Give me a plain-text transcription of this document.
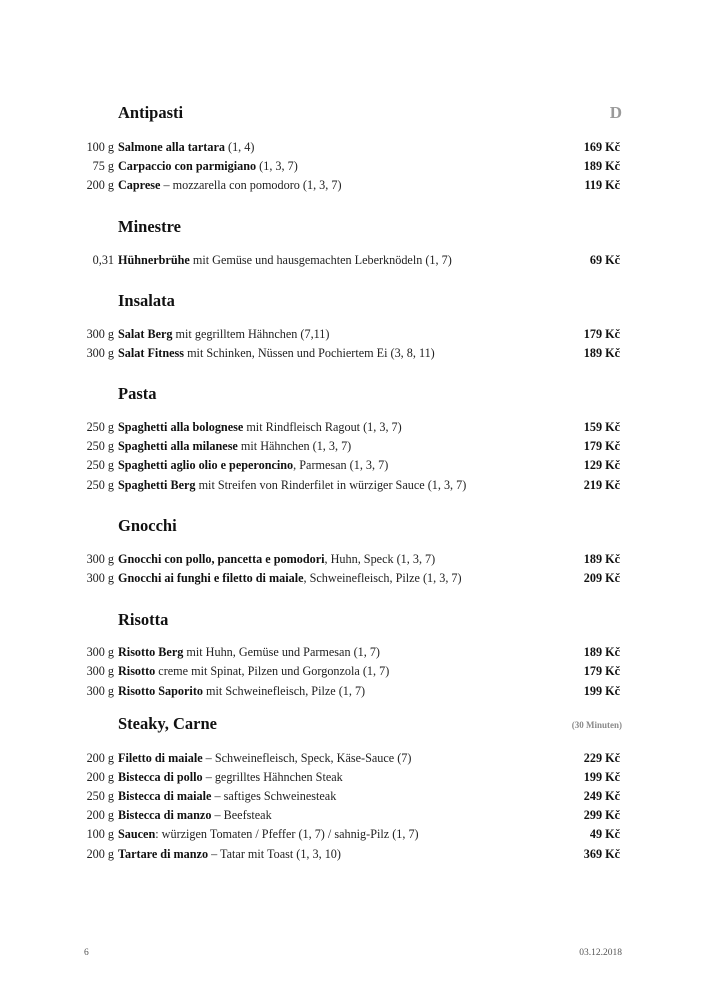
Antipasti	D
100 g Salmone alla tartara (1, 4)	169 Kč
75 g Carpaccio con parmigiano (1, 3, 7)	189 Kč
200 g Caprese – mozzarella con pomodoro (1, 3, 7)	119 Kč
Minestre
0,31 Hühnerbrühe mit Gemüse und hausgemachten Leberknödeln (1, 7)	69 Kč
Insalata
300 g Salat Berg mit gegrilltem Hähnchen (7,11)	179 Kč
300 g Salat Fitness mit Schinken, Nüssen und Pochiertem Ei (3, 8, 11)	189 Kč
Pasta
250 g Spaghetti alla bolognese mit Rindfleisch Ragout (1, 3, 7)	159 Kč
250 g Spaghetti alla milanese mit Hähnchen (1, 3, 7)	179 Kč
250 g Spaghetti aglio olio e peperoncino, Parmesan (1, 3, 7)	129 Kč
250 g Spaghetti Berg mit Streifen von Rinderfilet in würziger Sauce (1, 3, 7)	219 Kč
Gnocchi
300 g Gnocchi con pollo, pancetta e pomodori, Huhn, Speck (1, 3, 7)	189 Kč
300 g Gnocchi ai funghi e filetto di maiale, Schweinefleisch, Pilze (1, 3, 7)	209 Kč
Risotta
300 g Risotto Berg mit Huhn, Gemüse und Parmesan (1, 7)	189 Kč
300 g Risotto creme mit Spinat, Pilzen und Gorgonzola (1, 7)	179 Kč
300 g Risotto Saporito mit Schweinefleisch, Pilze (1, 7)	199 Kč
Steaky, Carne	(30 Minuten)
200 g Filetto di maiale – Schweinefleisch, Speck, Käse-Sauce (7)	229 Kč
200 g Bistecca di pollo – gegrilltes Hähnchen Steak	199 Kč
250 g Bistecca di maiale – saftiges Schweinesteak	249 Kč
200 g Bistecca di manzo – Beefsteak	299 Kč
100 g Saucen: würzigen Tomaten / Pfeffer (1, 7) / sahnig-Pilz (1, 7)	49 Kč
200 g Tartare di manzo – Tatar mit Toast (1, 3, 10)	369 Kč
6	03.12.2018
